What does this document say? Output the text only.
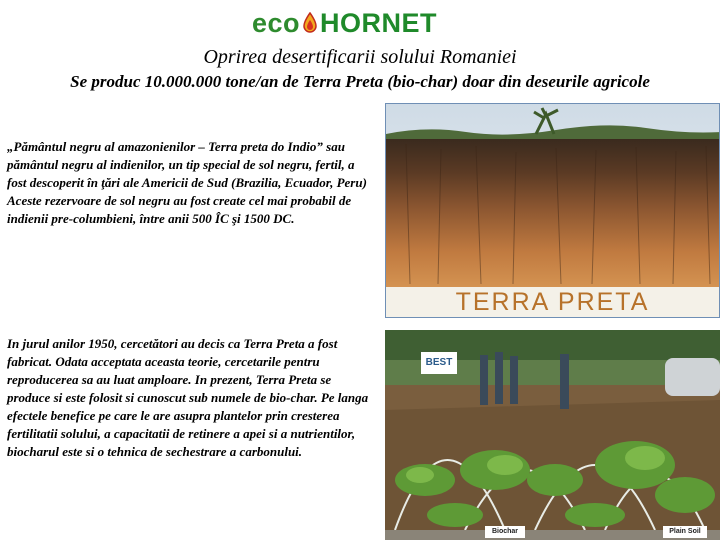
eco HORNET
Oprirea desertificarii solului Romaniei
Se produc 10.000.000 tone/an de Terra Preta (bio-char) doar din deseurile agricole

„Pământul negru al amazonienilor – Terra preta do Indio” sau pământul negru al indienilor, un tip special de sol negru, fertil, a fost descoperit în ţări ale Americii de Sud (Brazilia, Ecuador, Peru) Aceste rezervoare de sol negru au fost create cel mai probabil de indienii pre-columbieni, între anii 500 ÎC şi 1500 DC.

In jurul anilor 1950, cercetători au decis ca Terra Preta a fost fabricat. Odata acceptata aceasta teorie, cercetarile pentru reproducerea sa au luat amploare. In prezent, Terra Preta se produce si este folosit si cunoscut sub numele de bio-char. Pe langa efectele benefice pe care le are asupra plantelor prin cresterea fertilitatii solului, a capacitatii de retinere a apei si a nutrientilor, biocharul este si o tehnica de sechestrare a carbonului.

TERRA PRETA
BEST
Biochar	Plain Soil
